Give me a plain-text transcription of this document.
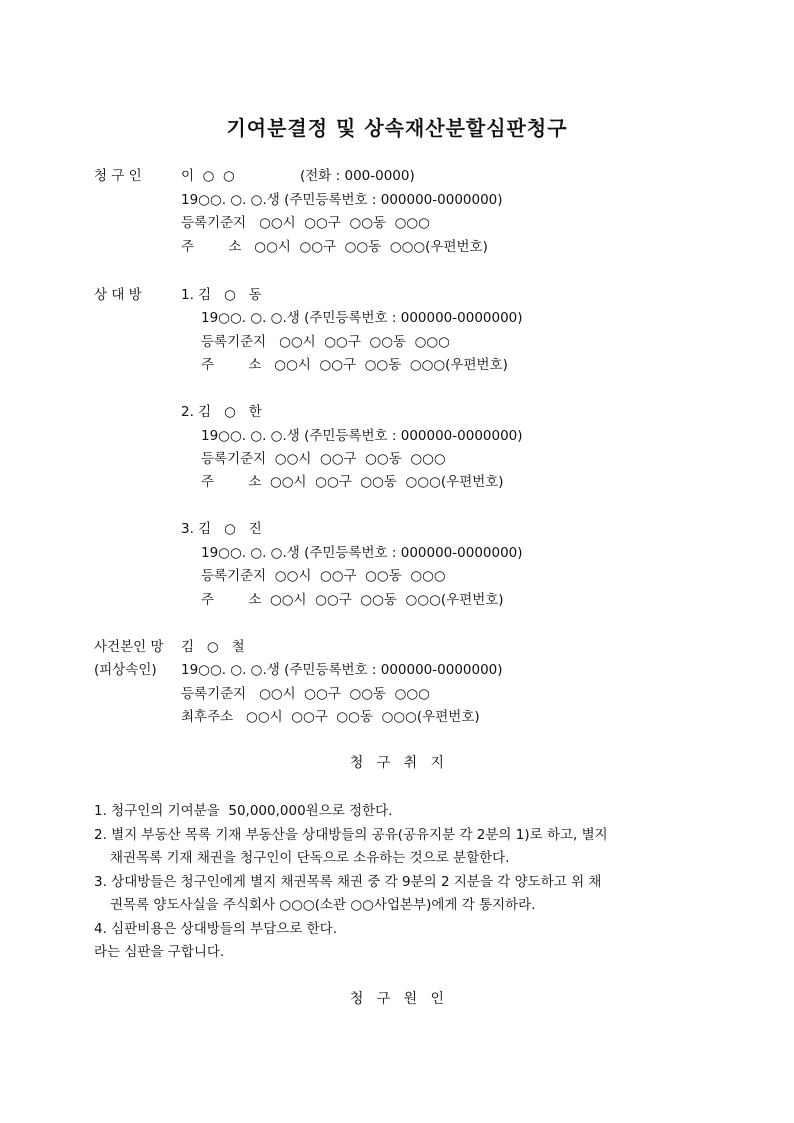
기여분결정 및 상속재산분할심판청구
청 구 인	이  ○  ○	(전화 : 000-0000)
19○○. ○. ○.생 (주민등록번호 : 000000-0000000)
등록기준지   ○○시  ○○구  ○○동  ○○○
주        소   ○○시  ○○구  ○○동  ○○○(우편번호)
상 대 방	1. 김   ○   동
19○○. ○. ○.생 (주민등록번호 : 000000-0000000)
등록기준지   ○○시  ○○구  ○○동  ○○○
주        소   ○○시  ○○구  ○○동  ○○○(우편번호)
2. 김   ○   한
19○○. ○. ○.생 (주민등록번호 : 000000-0000000)
등록기준지  ○○시  ○○구  ○○동  ○○○
주        소  ○○시  ○○구  ○○동  ○○○(우편번호)
3. 김   ○   진
19○○. ○. ○.생 (주민등록번호 : 000000-0000000)
등록기준지  ○○시  ○○구  ○○동  ○○○
주        소  ○○시  ○○구  ○○동  ○○○(우편번호)
사건본인 망 김   ○   철
(피상속인) 19○○. ○. ○.생 (주민등록번호 : 000000-0000000)
등록기준지   ○○시  ○○구  ○○동  ○○○
최후주소   ○○시  ○○구  ○○동  ○○○(우편번호)
청   구   취   지
1. 청구인의 기여분을  50,000,000원으로 정한다.
2. 별지 부동산 목록 기재 부동산을 상대방들의 공유(공유지분 각 2분의 1)로 하고, 별지
채권목록 기재 채권을 청구인이 단독으로 소유하는 것으로 분할한다.
3. 상대방들은 청구인에게 별지 채권목록 채권 중 각 9분의 2 지분을 각 양도하고 위 채
권목록 양도사실을 주식회사 ○○○(소관 ○○사업본부)에게 각 통지하라.
4. 심판비용은 상대방들의 부담으로 한다.
라는 심판을 구합니다.
청   구   원   인
